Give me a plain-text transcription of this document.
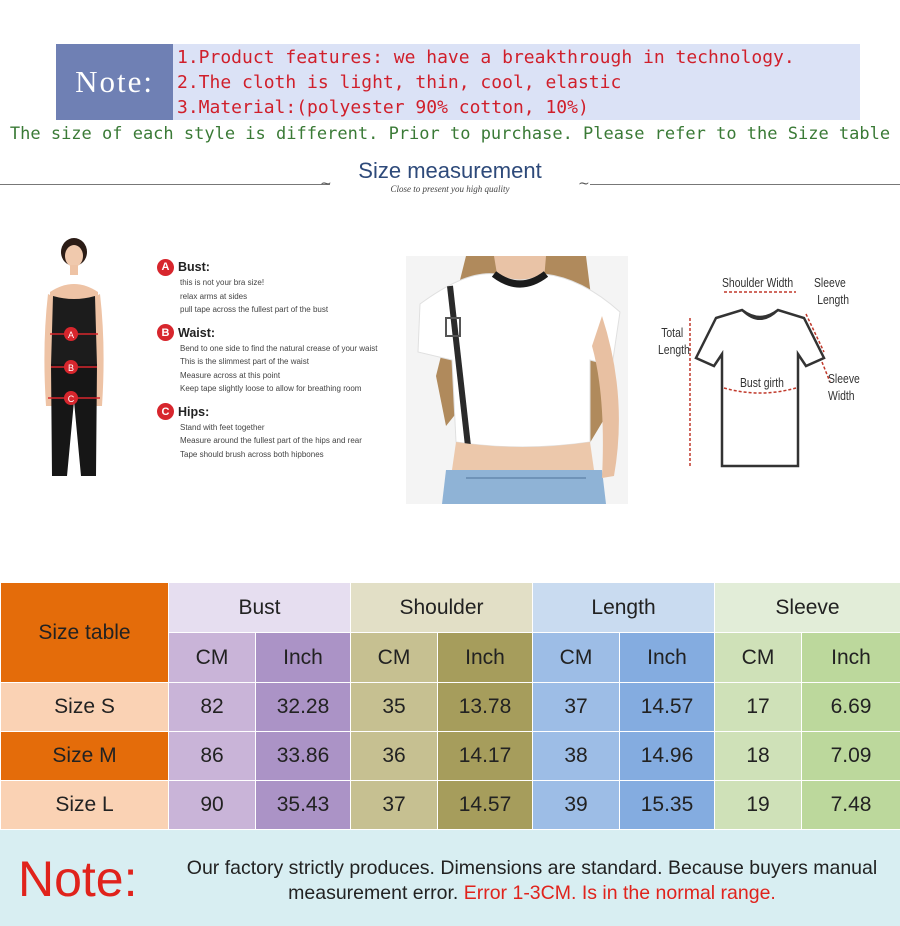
Note:
1.Product features: we have a breakthrough in technology.
2.The cloth is light, thin, cool, elastic
3.Material:(polyester 90% cotton, 10%)
The size of each style is different. Prior to purchase. Please refer to the Size table
~	~
Size measurement
Close to present you high quality
A
B
C
A Bust:
this is not your bra size!
relax arms at sides
pull tape across the fullest part of the bust
B Waist:
Bend to one side to find the natural crease of your waist
This is the slimmest part of the waist
Measure across at this point
Keep tape slightly loose to allow for breathing room
C Hips:
Stand with feet together
Measure around the fullest part of the hips and rear
Tape should brush across both hipbones
Shoulder Width Sleeve
Length
Total
Length
Bust girth	Sleeve
Width
Size table	Bust		Shoulder		Length		Sleeve	
	CM	Inch	CM	Inch	CM	Inch	CM	Inch
Size S	82	32.28	35	13.78	37	14.57	17	6.69
Size M	86	33.86	36	14.17	38	14.96	18	7.09
Size L	90	35.43	37	14.57	39	15.35	19	7.48
Note:	Our factory strictly produces. Dimensions are standard. Because buyers manual
measurement error. Error 1-3CM. Is in the normal range.
